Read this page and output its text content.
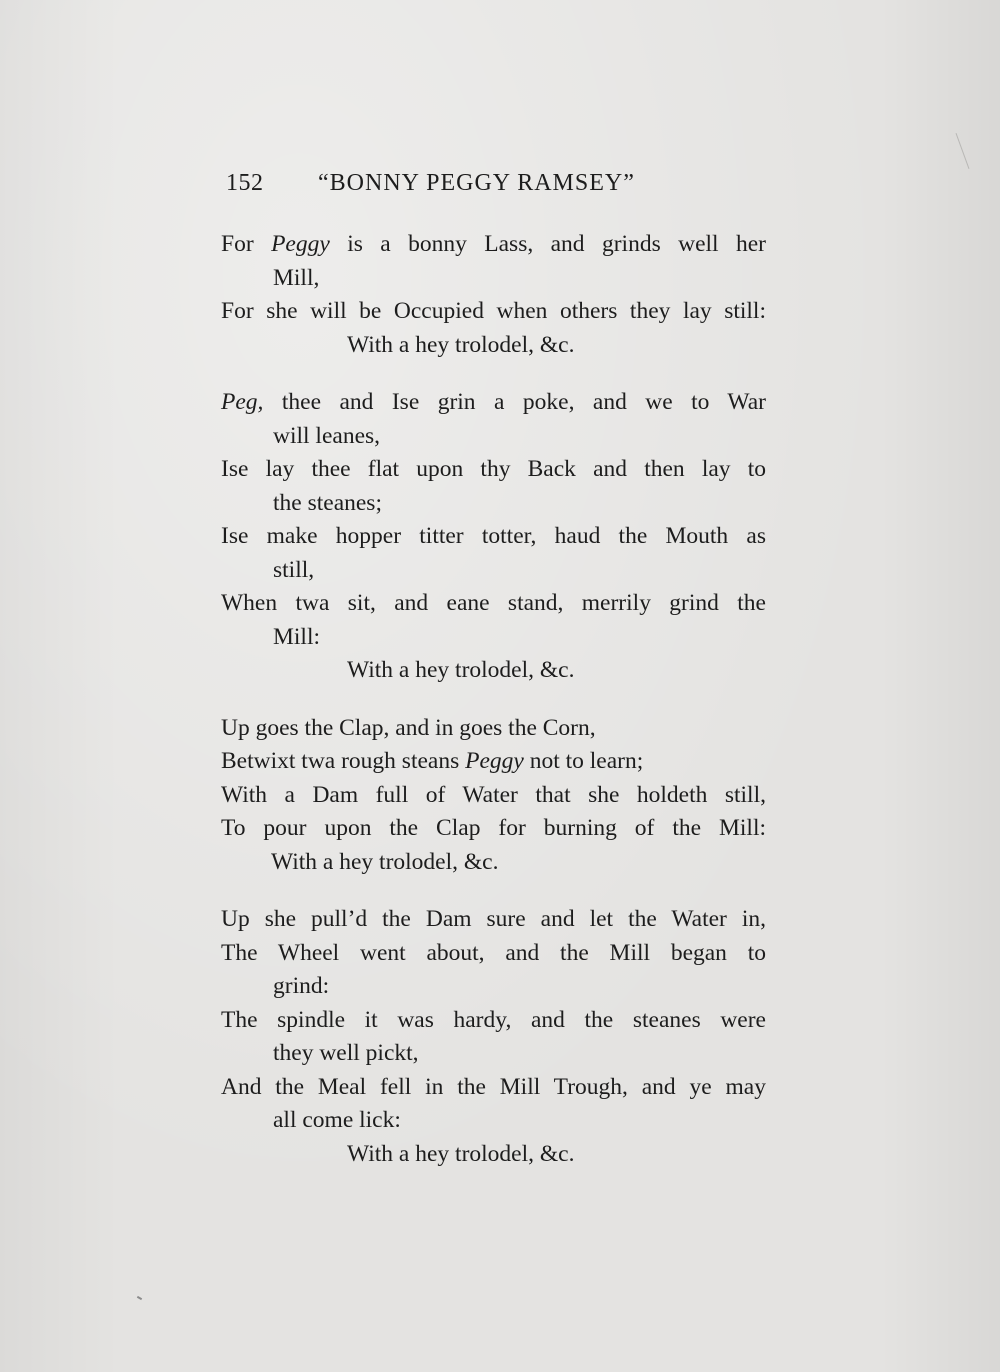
152 “BONNY PEGGY RAMSEY”
For Peggy is a bonny Lass, and grinds well her
Mill,
For she will be Occupied when others they lay still:
With a hey trolodel, &c.
Peg, thee and Ise grin a poke, and we to War
will leanes,
Ise lay thee flat upon thy Back and then lay to
the steanes;
Ise make hopper titter totter, haud the Mouth as
still,
When twa sit, and eane stand, merrily grind the
Mill:
With a hey trolodel, &c.
Up goes the Clap, and in goes the Corn,
Betwixt twa rough steans Peggy not to learn;
With a Dam full of Water that she holdeth still,
To pour upon the Clap for burning of the Mill:
With a hey trolodel, &c.
Up she pull’d the Dam sure and let the Water in,
The Wheel went about, and the Mill began to
grind:
The spindle it was hardy, and the steanes were
they well pickt,
And the Meal fell in the Mill Trough, and ye may
all come lick:
With a hey trolodel, &c.
